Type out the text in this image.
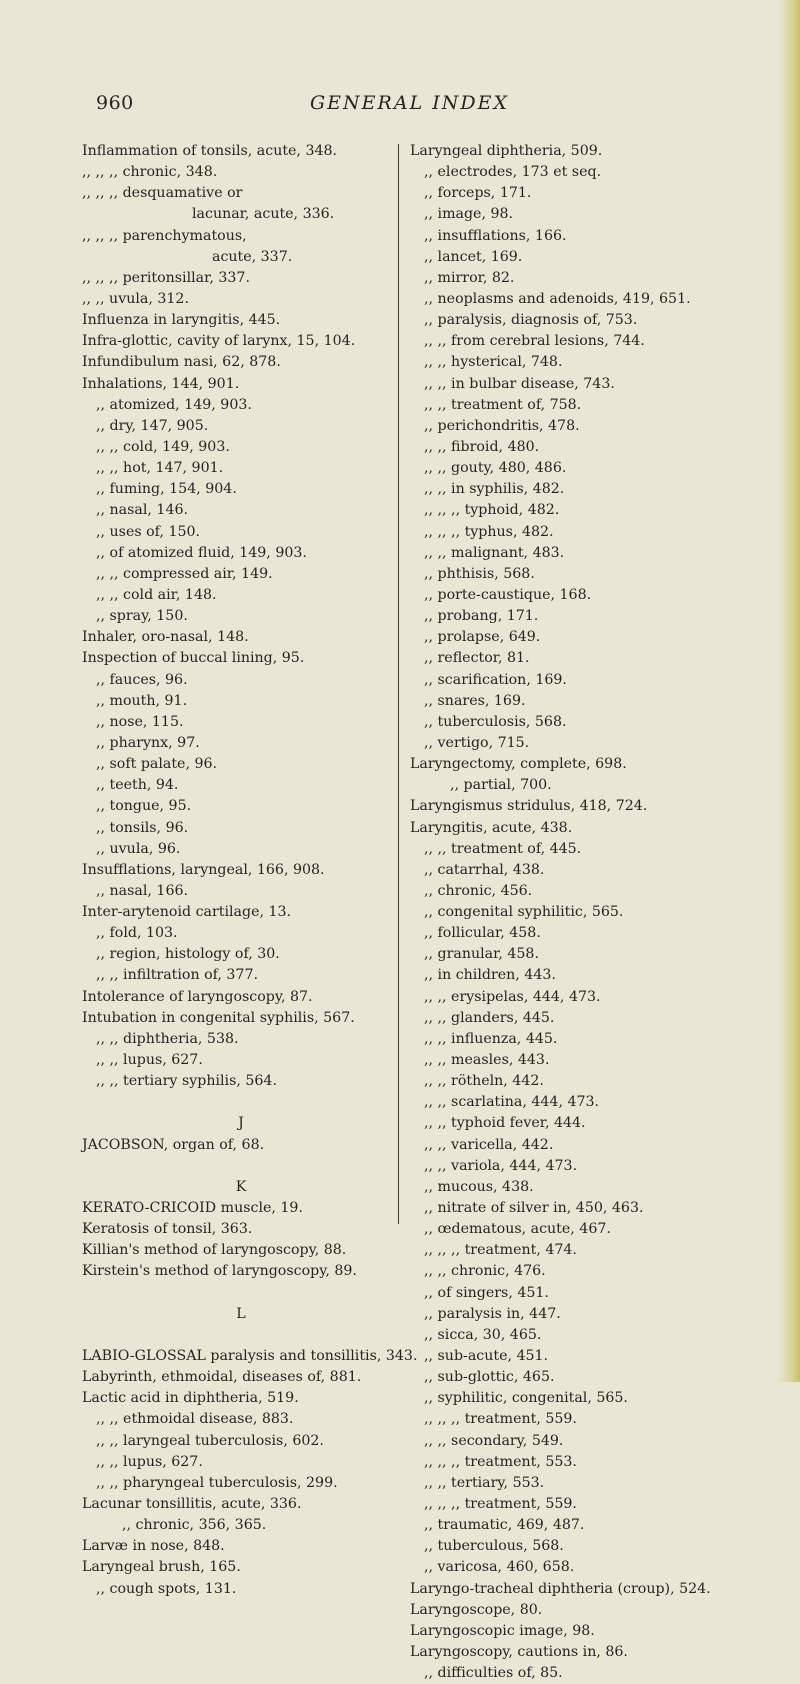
960	GENERAL INDEX
Inflammation of tonsils, acute, 348.
,, ,, ,, chronic, 348.
,, ,, ,, desquamative or
lacunar, acute, 336.
,, ,, ,, parenchymatous,
acute, 337.
,, ,, ,, peritonsillar, 337.
,, ,, uvula, 312.
Influenza in laryngitis, 445.
Infra-glottic, cavity of larynx, 15, 104.
Infundibulum nasi, 62, 878.
Inhalations, 144, 901.
,, atomized, 149, 903.
,, dry, 147, 905.
,, ,, cold, 149, 903.
,, ,, hot, 147, 901.
,, fuming, 154, 904.
,, nasal, 146.
,, uses of, 150.
,, of atomized fluid, 149, 903.
,, ,, compressed air, 149.
,, ,, cold air, 148.
,, spray, 150.
Inhaler, oro-nasal, 148.
Inspection of buccal lining, 95.
,, fauces, 96.
,, mouth, 91.
,, nose, 115.
,, pharynx, 97.
,, soft palate, 96.
,, teeth, 94.
,, tongue, 95.
,, tonsils, 96.
,, uvula, 96.
Insufflations, laryngeal, 166, 908.
,, nasal, 166.
Inter-arytenoid cartilage, 13.
,, fold, 103.
,, region, histology of, 30.
,, ,, infiltration of, 377.
Intolerance of laryngoscopy, 87.
Intubation in congenital syphilis, 567.
,, ,, diphtheria, 538.
,, ,, lupus, 627.
,, ,, tertiary syphilis, 564.
J
JACOBSON, organ of, 68.
K
KERATO-CRICOID muscle, 19.
Keratosis of tonsil, 363.
Killian's method of laryngoscopy, 88.
Kirstein's method of laryngoscopy, 89.
L
LABIO-GLOSSAL paralysis and tonsillitis, 343.
Labyrinth, ethmoidal, diseases of, 881.
Lactic acid in diphtheria, 519.
,, ,, ethmoidal disease, 883.
,, ,, laryngeal tuberculosis, 602.
,, ,, lupus, 627.
,, ,, pharyngeal tuberculosis, 299.
Lacunar tonsillitis, acute, 336.
,, chronic, 356, 365.
Larvæ in nose, 848.
Laryngeal brush, 165.
,, cough spots, 131.
Laryngeal diphtheria, 509.
,, electrodes, 173 et seq.
,, forceps, 171.
,, image, 98.
,, insufflations, 166.
,, lancet, 169.
,, mirror, 82.
,, neoplasms and adenoids, 419, 651.
,, paralysis, diagnosis of, 753.
,, ,, from cerebral lesions, 744.
,, ,, hysterical, 748.
,, ,, in bulbar disease, 743.
,, ,, treatment of, 758.
,, perichondritis, 478.
,, ,, fibroid, 480.
,, ,, gouty, 480, 486.
,, ,, in syphilis, 482.
,, ,, ,, typhoid, 482.
,, ,, ,, typhus, 482.
,, ,, malignant, 483.
,, phthisis, 568.
,, porte-caustique, 168.
,, probang, 171.
,, prolapse, 649.
,, reflector, 81.
,, scarification, 169.
,, snares, 169.
,, tuberculosis, 568.
,, vertigo, 715.
Laryngectomy, complete, 698.
,, partial, 700.
Laryngismus stridulus, 418, 724.
Laryngitis, acute, 438.
,, ,, treatment of, 445.
,, catarrhal, 438.
,, chronic, 456.
,, congenital syphilitic, 565.
,, follicular, 458.
,, granular, 458.
,, in children, 443.
,, ,, erysipelas, 444, 473.
,, ,, glanders, 445.
,, ,, influenza, 445.
,, ,, measles, 443.
,, ,, rötheln, 442.
,, ,, scarlatina, 444, 473.
,, ,, typhoid fever, 444.
,, ,, varicella, 442.
,, ,, variola, 444, 473.
,, mucous, 438.
,, nitrate of silver in, 450, 463.
,, œdematous, acute, 467.
,, ,, ,, treatment, 474.
,, ,, chronic, 476.
,, of singers, 451.
,, paralysis in, 447.
,, sicca, 30, 465.
,, sub-acute, 451.
,, sub-glottic, 465.
,, syphilitic, congenital, 565.
,, ,, ,, treatment, 559.
,, ,, secondary, 549.
,, ,, ,, treatment, 553.
,, ,, tertiary, 553.
,, ,, ,, treatment, 559.
,, traumatic, 469, 487.
,, tuberculous, 568.
,, varicosa, 460, 658.
Laryngo-tracheal diphtheria (croup), 524.
Laryngoscope, 80.
Laryngoscopic image, 98.
Laryngoscopy, cautions in, 86.
,, difficulties of, 85.
